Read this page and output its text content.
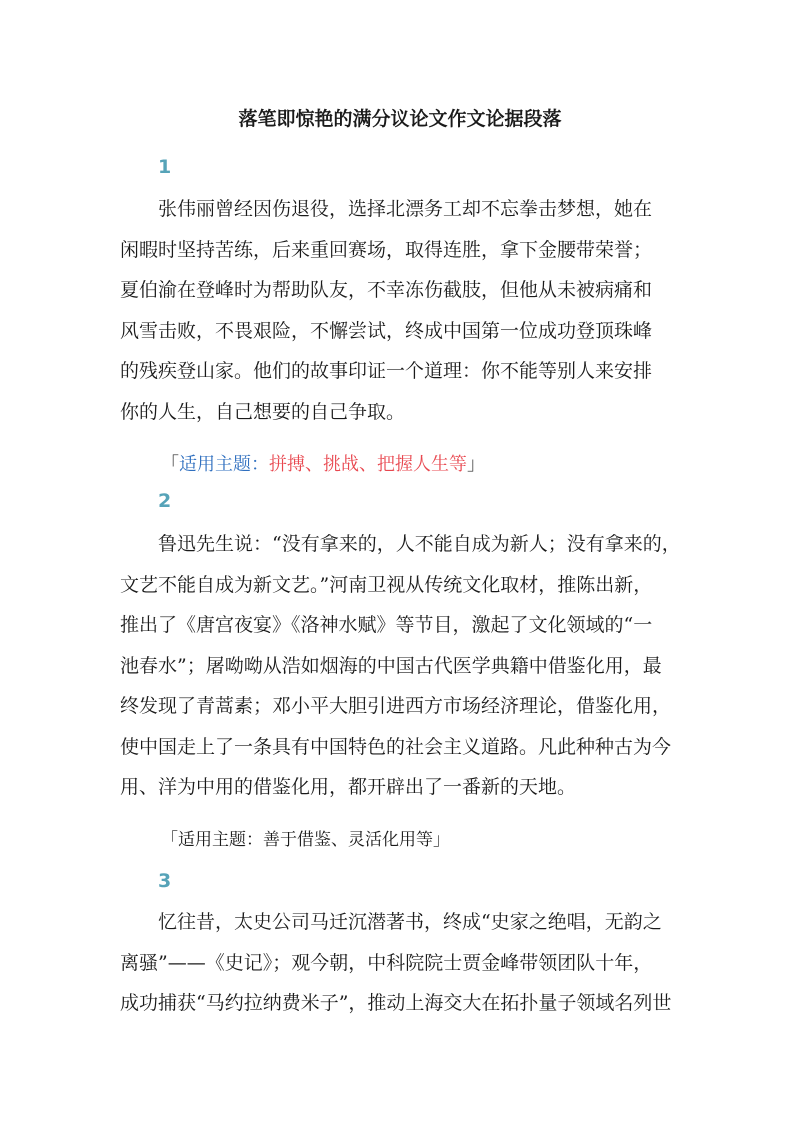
落笔即惊艳的满分议论文作文论据段落
1
张伟丽曾经因伤退役，选择北漂务工却不忘拳击梦想，她在
闲暇时坚持苦练，后来重回赛场，取得连胜，拿下金腰带荣誉；
夏伯渝在登峰时为帮助队友，不幸冻伤截肢，但他从未被病痛和
风雪击败，不畏艰险，不懈尝试，终成中国第一位成功登顶珠峰
的残疾登山家。他们的故事印证一个道理：你不能等别人来安排
你的人生，自己想要的自己争取。
「适用主题：拼搏、挑战、把握人生等」
2
鲁迅先生说：“没有拿来的，人不能自成为新人；没有拿来的，
文艺不能自成为新文艺。”河南卫视从传统文化取材，推陈出新，
推出了《唐宫夜宴》《洛神水赋》等节目，激起了文化领域的“一
池春水”；屠呦呦从浩如烟海的中国古代医学典籍中借鉴化用，最
终发现了青蒿素；邓小平大胆引进西方市场经济理论，借鉴化用，
使中国走上了一条具有中国特色的社会主义道路。凡此种种古为今
用、洋为中用的借鉴化用，都开辟出了一番新的天地。
「适用主题：善于借鉴、灵活化用等」
3
忆往昔，太史公司马迁沉潜著书，终成“史家之绝唱，无韵之
离骚”——《史记》；观今朝，中科院院士贾金峰带领团队十年，
成功捕获“马约拉纳费米子”，推动上海交大在拓扑量子领域名列世
